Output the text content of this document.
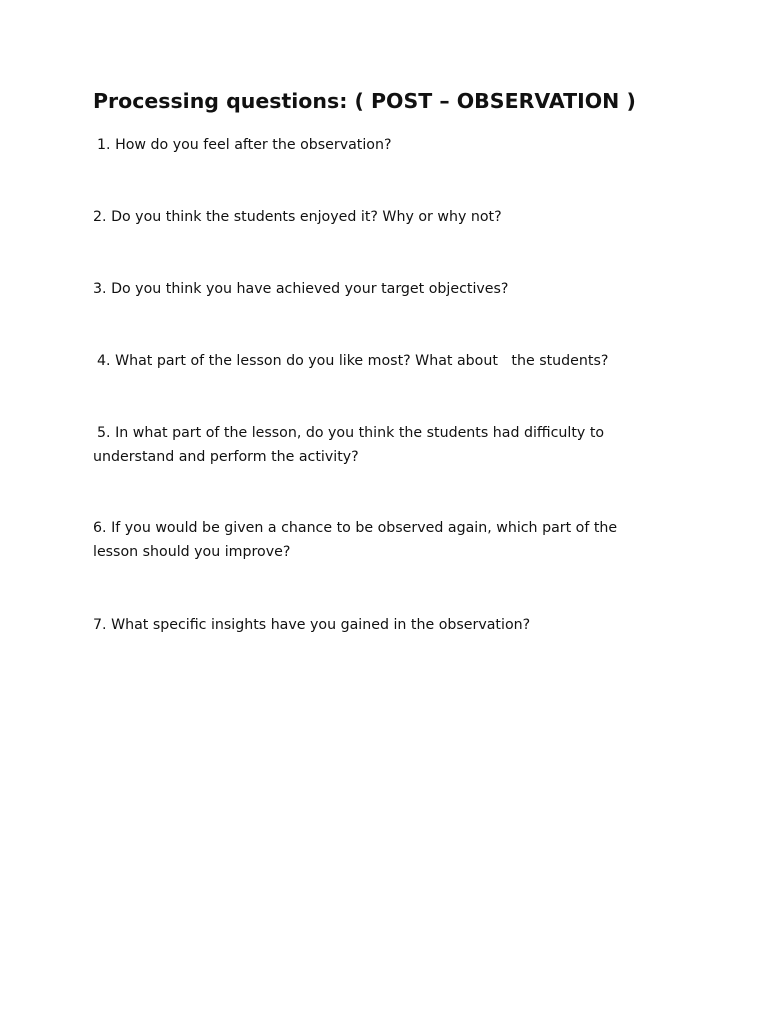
Processing questions: ( POST – OBSERVATION )

1. How do you feel after the observation?

2. Do you think the students enjoyed it? Why or why not?

3. Do you think you have achieved your target objectives?

4. What part of the lesson do you like most? What about   the students?

5. In what part of the lesson, do you think the students had difficulty to

understand and perform the activity?

6. If you would be given a chance to be observed again, which part of the

lesson should you improve?

7. What specific insights have you gained in the observation?
